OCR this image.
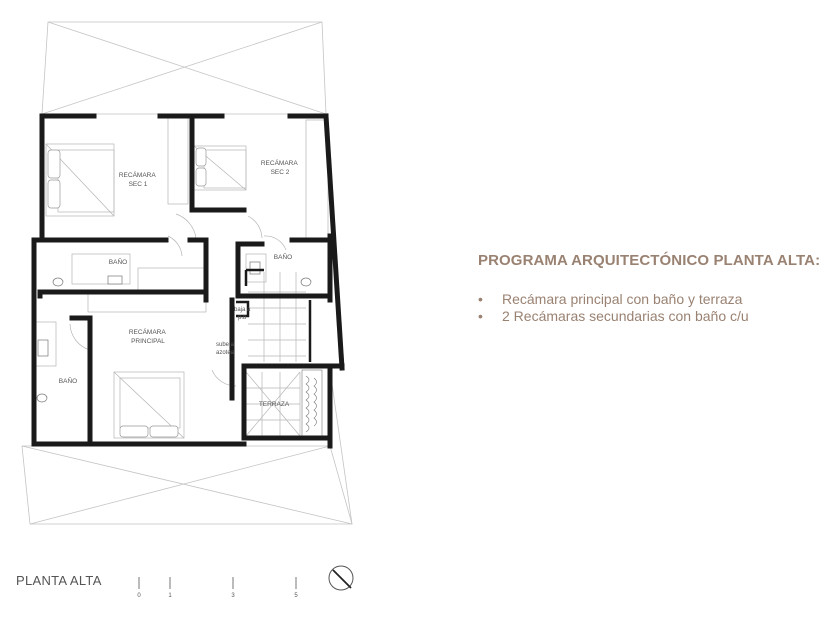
RECÁMARA SEC 1
RECÁMARA SEC 2
BAÑO
BAÑO
BAÑO
RECÁMARA PRINCIPAL
TERRAZA
baja a p.b
sube a azotea
0	1	3	5
PROGRAMA ARQUITECTÓNICO PLANTA ALTA:
• Recámara principal con baño y terraza
• 2 Recámaras secundarias con baño c/u
PLANTA ALTA
